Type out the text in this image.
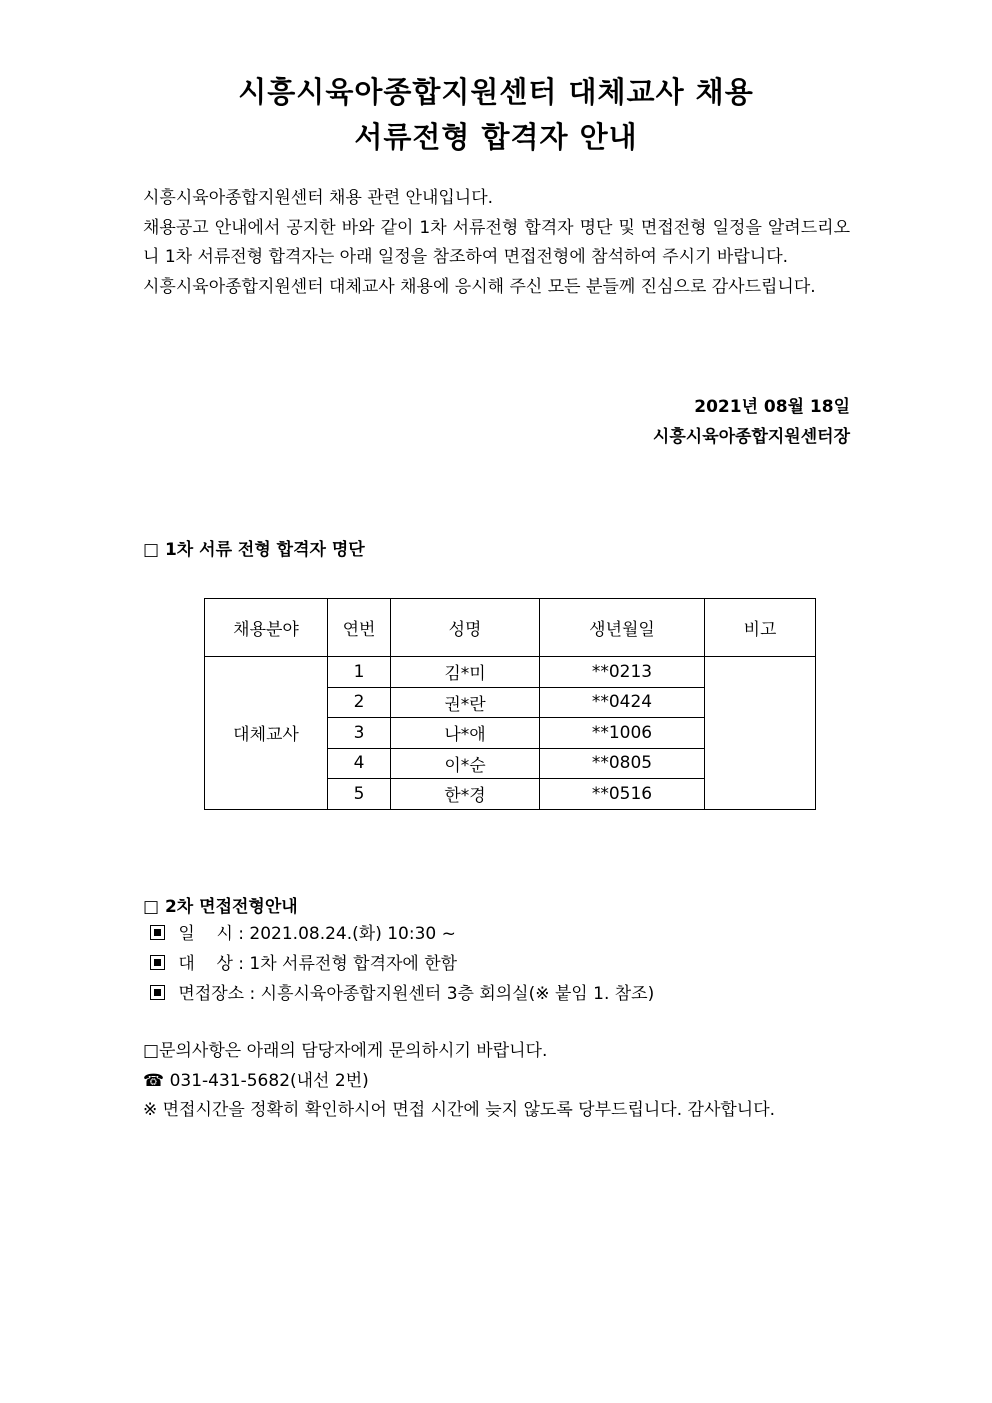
시흥시육아종합지원센터 대체교사 채용
서류전형 합격자 안내
시흥시육아종합지원센터 채용 관련 안내입니다.
채용공고 안내에서 공지한 바와 같이 1차 서류전형 합격자 명단 및 면접전형 일정을 알려드리오니 1차 서류전형 합격자는 아래 일정을 참조하여 면접전형에 참석하여 주시기 바랍니다.
시흥시육아종합지원센터 대체교사 채용에 응시해 주신 모든 분들께 진심으로 감사드립니다.
2021년 08월 18일
시흥시육아종합지원센터장
□ 1차 서류 전형 합격자 명단
채용분야	연번	성명	생년월일	비고
대체교사	1	김*미	**0213	
	2	권*란	**0424	
	3	나*애	**1006	
	4	이*순	**0805	
	5	한*경	**0516	
□ 2차 면접전형안내
일    시 : 2021.08.24.(화) 10:30 ~
대    상 : 1차 서류전형 합격자에 한함
면접장소 : 시흥시육아종합지원센터 3층 회의실(※ 붙임 1. 참조)
□문의사항은 아래의 담당자에게 문의하시기 바랍니다.
☎ 031-431-5682(내선 2번)
※ 면접시간을 정확히 확인하시어 면접 시간에 늦지 않도록 당부드립니다. 감사합니다.
